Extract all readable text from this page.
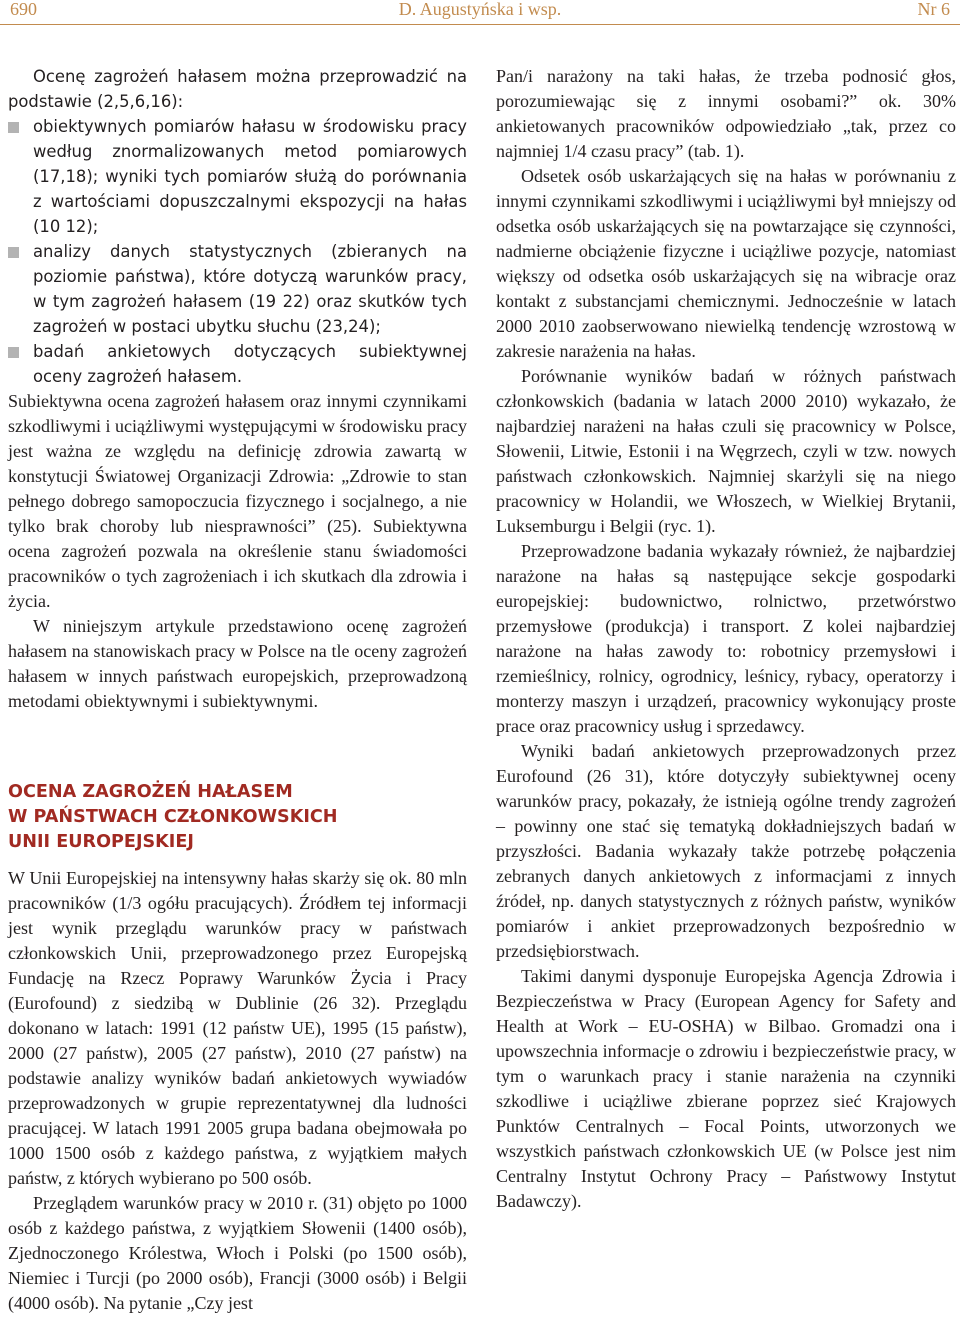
690	D. Augustyńska i wsp.	Nr 6

Ocenę zagrożeń hałasem można przeprowadzić na podstawie (2,5,6,16):

obiektywnych pomiarów hałasu w środowisku pracy według znormalizowanych metod pomiarowych (17,18); wyniki tych pomiarów służą do porównania z wartościami dopuszczalnymi ekspozycji na hałas (10 12);
analizy danych statystycznych (zbieranych na poziomie państwa), które dotyczą warunków pracy, w tym zagrożeń hałasem (19 22) oraz skutków tych zagrożeń w postaci ubytku słuchu (23,24);
badań ankietowych dotyczących subiektywnej oceny zagrożeń hałasem.

Subiektywna ocena zagrożeń hałasem oraz innymi czynnikami szkodliwymi i uciążliwymi występującymi w środowisku pracy jest ważna ze względu na definicję zdrowia zawartą w konstytucji Światowej Organizacji Zdrowia: „Zdrowie to stan pełnego dobrego samopoczucia fizycznego i socjalnego, a nie tylko brak choroby lub niesprawności” (25). Subiektywna ocena zagrożeń pozwala na określenie stanu świadomości pracowników o tych zagrożeniach i ich skutkach dla zdrowia i życia.

W niniejszym artykule przedstawiono ocenę zagrożeń hałasem na stanowiskach pracy w Polsce na tle oceny zagrożeń hałasem w innych państwach europejskich, przeprowadzoną metodami obiektywnymi i subiektywnymi.

OCENA ZAGROŻEŃ HAŁASEM
W PAŃSTWACH CZŁONKOWSKICH
UNII EUROPEJSKIEJ

W Unii Europejskiej na intensywny hałas skarży się ok. 80 mln pracowników (1/3 ogółu pracujących). Źródłem tej informacji jest wynik przeglądu warunków pracy w państwach członkowskich Unii, przeprowadzonego przez Europejską Fundację na Rzecz Poprawy Warunków Życia i Pracy (Eurofound) z siedzibą w Dublinie (26 32). Przeglądu dokonano w latach: 1991 (12 państw UE), 1995 (15 państw), 2000 (27 państw), 2005 (27 państw), 2010 (27 państw) na podstawie analizy wyników badań ankietowych wywiadów przeprowadzonych w grupie reprezentatywnej dla ludności pracującej. W latach 1991 2005 grupa badana obejmowała po 1000 1500 osób z każdego państwa, z wyjątkiem małych państw, z których wybierano po 500 osób.

Przeglądem warunków pracy w 2010 r. (31) objęto po 1000 osób z każdego państwa, z wyjątkiem Słowenii (1400 osób), Zjednoczonego Królestwa, Włoch i Polski (po 1500 osób), Niemiec i Turcji (po 2000 osób), Francji (3000 osób) i Belgii (4000 osób). Na pytanie „Czy jest

Pan/i narażony na taki hałas, że trzeba podnosić głos, porozumiewając się z innymi osobami?” ok. 30% ankietowanych pracowników odpowiedziało „tak, przez co najmniej 1/4 czasu pracy” (tab. 1).

Odsetek osób uskarżających się na hałas w porównaniu z innymi czynnikami szkodliwymi i uciążliwymi był mniejszy od odsetka osób uskarżających się na powtarzające się czynności, nadmierne obciążenie fizyczne i uciążliwe pozycje, natomiast większy od odsetka osób uskarżających się na wibracje oraz kontakt z substancjami chemicznymi. Jednocześnie w latach 2000 2010 zaobserwowano niewielką tendencję wzrostową w zakresie narażenia na hałas.

Porównanie wyników badań w różnych państwach członkowskich (badania w latach 2000 2010) wykazało, że najbardziej narażeni na hałas czuli się pracownicy w Polsce, Słowenii, Litwie, Estonii i na Węgrzech, czyli w tzw. nowych państwach członkowskich. Najmniej skarżyli się na niego pracownicy w Holandii, we Włoszech, w Wielkiej Brytanii, Luksemburgu i Belgii (ryc. 1).

Przeprowadzone badania wykazały również, że najbardziej narażone na hałas są następujące sekcje gospodarki europejskiej: budownictwo, rolnictwo, przetwórstwo przemysłowe (produkcja) i transport. Z kolei najbardziej narażone na hałas zawody to: robotnicy przemysłowi i rzemieślnicy, rolnicy, ogrodnicy, leśnicy, rybacy, operatorzy i monterzy maszyn i urządzeń, pracownicy wykonujący proste prace oraz pracownicy usług i sprzedawcy.

Wyniki badań ankietowych przeprowadzonych przez Eurofound (26 31), które dotyczyły subiektywnej oceny warunków pracy, pokazały, że istnieją ogólne trendy zagrożeń – powinny one stać się tematyką dokładniejszych badań w przyszłości. Badania wykazały także potrzebę połączenia zebranych danych ankietowych z informacjami z innych źródeł, np. danych statystycznych z różnych państw, wyników pomiarów i ankiet przeprowadzonych bezpośrednio w przedsiębiorstwach.

Takimi danymi dysponuje Europejska Agencja Zdrowia i Bezpieczeństwa w Pracy (European Agency for Safety and Health at Work – EU-OSHA) w Bilbao. Gromadzi ona i upowszechnia informacje o zdrowiu i bezpieczeństwie pracy, w tym o warunkach pracy i stanie narażenia na czynniki szkodliwe i uciążliwe zbierane poprzez sieć Krajowych Punktów Centralnych – Focal Points, utworzonych we wszystkich państwach członkowskich UE (w Polsce jest nim Centralny Instytut Ochrony Pracy – Państwowy Instytut Badawczy).
